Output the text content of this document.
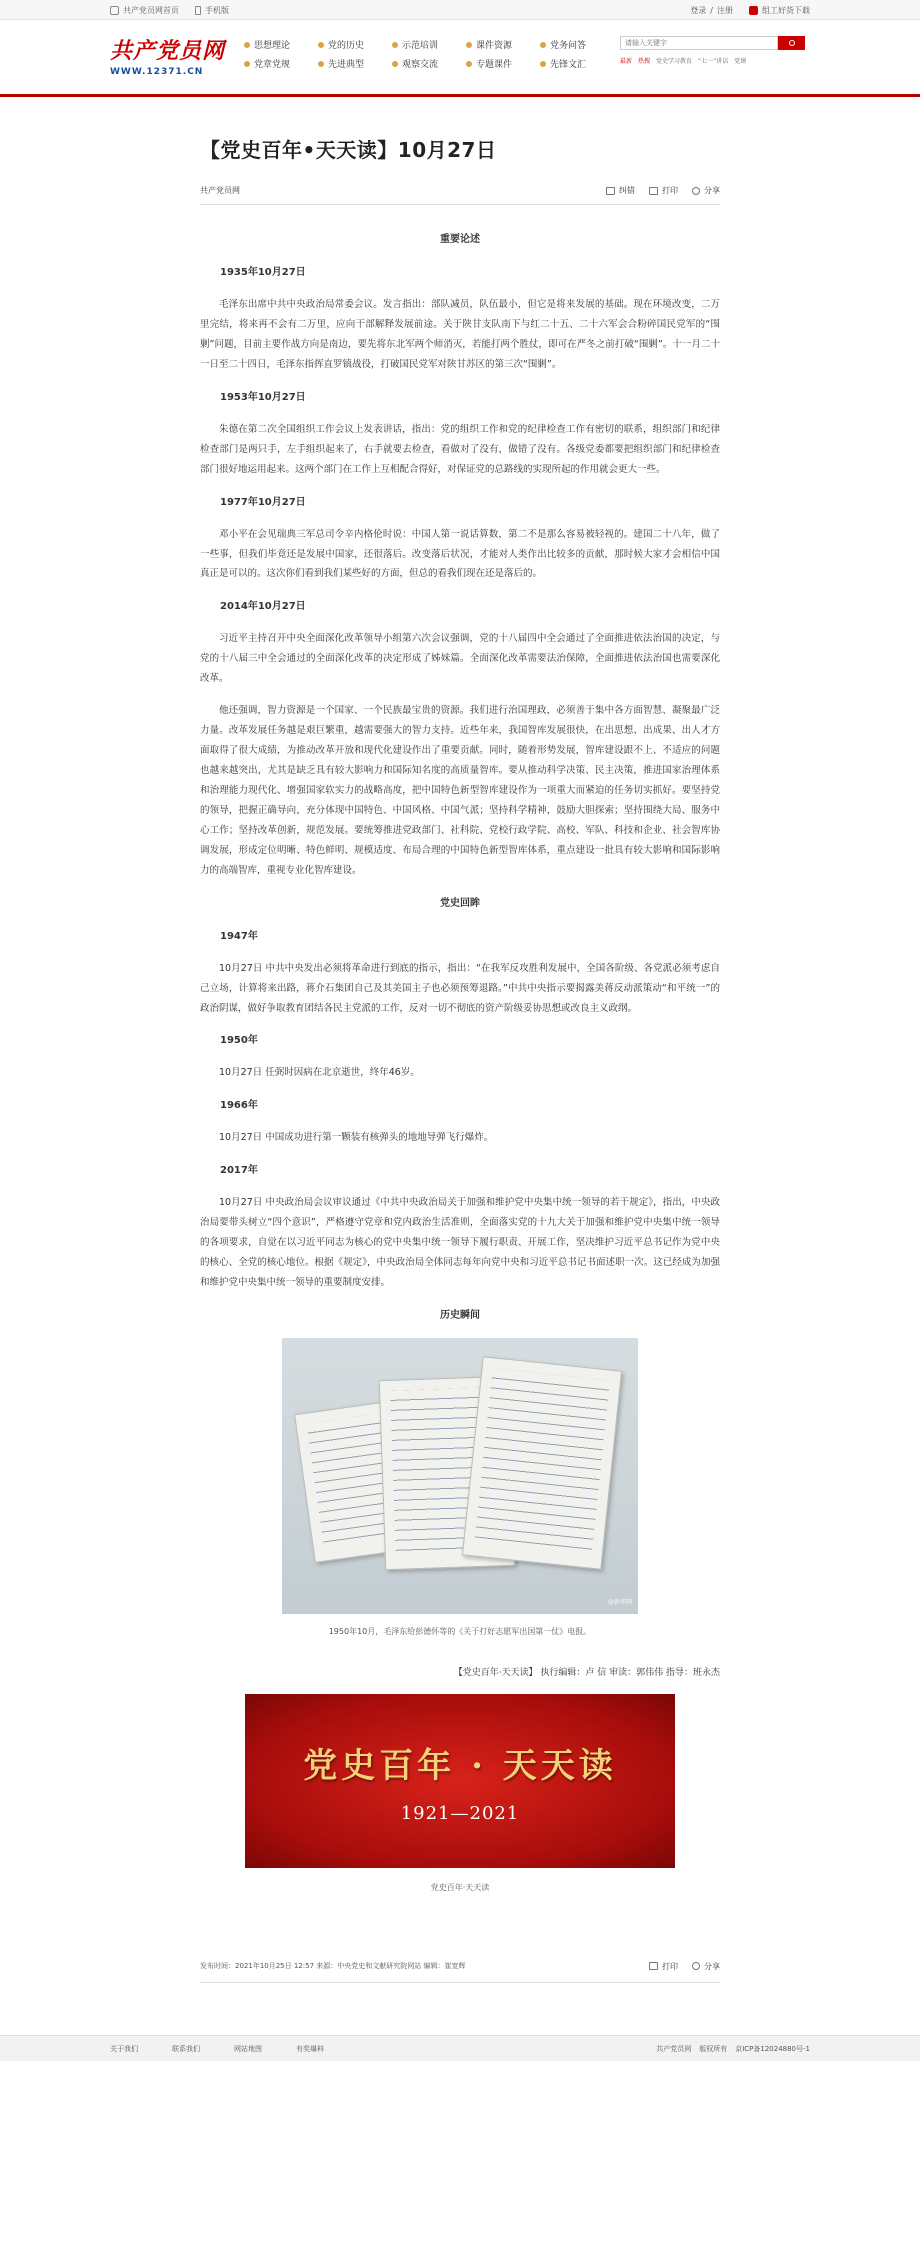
共产党员网首页	手机版	登录 / 注册	组工好货下载
共产党员网
WWW.12371.CN
思想理论	党的历史	示范培训	课件资源	党务问答
党章党规	先进典型	观察交流	专题课件	先锋文汇
请输入关键字	最新 热搜 党史学习教育 “七一”讲话 党课
【党史百年•天天读】10月27日
共产党员网	纠错	打印	分享
重要论述
1935年10月27日

毛泽东出席中共中央政治局常委会议。发言指出：部队减员，队伍最小，但它是将来发展的基础。现在环境改变，二万里完结，将来再不会有二万里，应向干部解释发展前途。关于陕甘支队南下与红二十五、二十六军会合粉碎国民党军的“围剿”问题，目前主要作战方向是南边，要先将东北军两个师消灭，若能打两个胜仗，即可在严冬之前打破“围剿”。十一月二十一日至二十四日，毛泽东指挥直罗镇战役，打破国民党军对陕甘苏区的第三次“围剿”。

1953年10月27日

朱德在第二次全国组织工作会议上发表讲话，指出：党的组织工作和党的纪律检查工作有密切的联系，组织部门和纪律检查部门是两只手，左手组织起来了，右手就要去检查，看做对了没有，做错了没有。各级党委都要把组织部门和纪律检查部门很好地运用起来。这两个部门在工作上互相配合得好，对保证党的总路线的实现所起的作用就会更大一些。

1977年10月27日

邓小平在会见瑞典三军总司令辛内格伦时说：中国人第一说话算数，第二不是那么容易被轻视的。建国二十八年，做了一些事，但我们毕竟还是发展中国家，还很落后。改变落后状况，才能对人类作出比较多的贡献，那时候大家才会相信中国真正是可以的。这次你们看到我们某些好的方面，但总的看我们现在还是落后的。

2014年10月27日

习近平主持召开中央全面深化改革领导小组第六次会议强调，党的十八届四中全会通过了全面推进依法治国的决定，与党的十八届三中全会通过的全面深化改革的决定形成了姊妹篇。全面深化改革需要法治保障，全面推进依法治国也需要深化改革。

他还强调，智力资源是一个国家、一个民族最宝贵的资源。我们进行治国理政，必须善于集中各方面智慧、凝聚最广泛力量。改革发展任务越是艰巨繁重，越需要强大的智力支持。近些年来，我国智库发展很快，在出思想、出成果、出人才方面取得了很大成绩，为推动改革开放和现代化建设作出了重要贡献。同时，随着形势发展，智库建设跟不上、不适应的问题也越来越突出，尤其是缺乏具有较大影响力和国际知名度的高质量智库。要从推动科学决策、民主决策，推进国家治理体系和治理能力现代化、增强国家软实力的战略高度，把中国特色新型智库建设作为一项重大而紧迫的任务切实抓好。要坚持党的领导，把握正确导向，充分体现中国特色、中国风格、中国气派；坚持科学精神，鼓励大胆探索；坚持围绕大局、服务中心工作；坚持改革创新，规范发展。要统筹推进党政部门、社科院、党校行政学院、高校、军队、科技和企业、社会智库协调发展，形成定位明晰、特色鲜明、规模适度、布局合理的中国特色新型智库体系，重点建设一批具有较大影响和国际影响力的高端智库，重视专业化智库建设。

党史回眸
1947年

10月27日 中共中央发出必须将革命进行到底的指示，指出：“在我军反攻胜利发展中，全国各阶级、各党派必须考虑自己立场，计算将来出路，蒋介石集团自己及其美国主子也必须预筹退路。”中共中央指示要揭露美蒋反动派策动“和平统一”的政治阴谋，做好争取教育团结各民主党派的工作，反对一切不彻底的资产阶级妥协思想或改良主义政纲。

1950年

10月27日 任弼时因病在北京逝世，终年46岁。

1966年

10月27日 中国成功进行第一颗装有核弹头的地地导弹飞行爆炸。

2017年

10月27日 中央政治局会议审议通过《中共中央政治局关于加强和维护党中央集中统一领导的若干规定》，指出，中央政治局要带头树立“四个意识”，严格遵守党章和党内政治生活准则，全面落实党的十九大关于加强和维护党中央集中统一领导的各项要求，自觉在以习近平同志为核心的党中央集中统一领导下履行职责、开展工作，坚决维护习近平总书记作为党中央的核心、全党的核心地位。根据《规定》，中央政治局全体同志每年向党中央和习近平总书记书面述职一次。这已经成为加强和维护党中央集中统一领导的重要制度安排。

历史瞬间
@新华网
1950年10月，毛泽东给彭德怀等的《关于打好志愿军出国第一仗》电报。
【党史百年·天天读】 执行编辑：卢 信 审读：郭伟伟 指导：班永杰
党史百年 · 天天读
1921—2021
党史百年·天天读
发布时间：2021年10月25日 12:57 来源：中央党史和文献研究院网站 编辑：崔宽辉	打印	分享
关于我们	联系我们	网站地图	有奖爆料	共产党员网 版权所有 京ICP备12024880号-1
